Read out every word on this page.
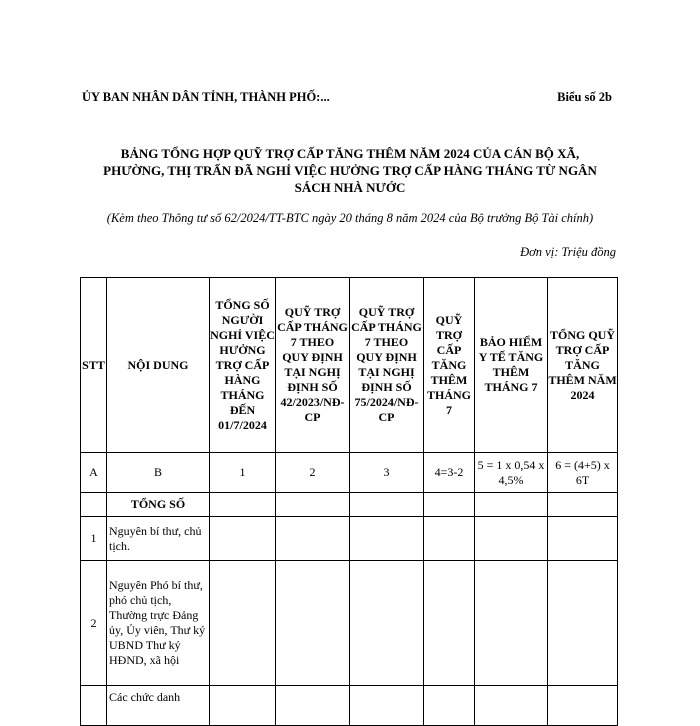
ỦY BAN NHÂN DÂN TỈNH, THÀNH PHỐ:...	Biểu số 2b
BẢNG TỔNG HỢP QUỸ TRỢ CẤP TĂNG THÊM NĂM 2024 CỦA CÁN BỘ XÃ,
PHƯỜNG, THỊ TRẤN ĐÃ NGHỈ VIỆC HƯỞNG TRỢ CẤP HÀNG THÁNG TỪ NGÂN
SÁCH NHÀ NƯỚC
(Kèm theo Thông tư số 62/2024/TT-BTC ngày 20 tháng 8 năm 2024 của Bộ trưởng Bộ Tài chính)
Đơn vị: Triệu đồng
STT	NỘI DUNG	TỔNG SỐ NGƯỜI NGHỈ VIỆC HƯỞNG TRỢ CẤP HÀNG THÁNG ĐẾN 01/7/2024	QUỸ TRỢ CẤP THÁNG 7 THEO QUY ĐỊNH TẠI NGHỊ ĐỊNH SỐ 42/2023/NĐ-CP	QUỸ TRỢ CẤP THÁNG 7 THEO QUY ĐỊNH TẠI NGHỊ ĐỊNH SỐ 75/2024/NĐ-CP	QUỸ TRỢ CẤP TĂNG THÊM THÁNG 7	BẢO HIỂM Y TẾ TĂNG THÊM THÁNG 7	TỔNG QUỸ TRỢ CẤP TĂNG THÊM NĂM 2024
A	B	1	2	3	4=3-2	5 = 1 x 0,54 x 4,5%	6 = (4+5) x 6T
	TỔNG SỐ						
1	Nguyên bí thư, chủ tịch.						
2	Nguyên Phó bí thư, phó chủ tịch, Thường trực Đảng ủy, Ủy viên, Thư ký UBND Thư ký HĐND, xã hội						
	Các chức danh						
